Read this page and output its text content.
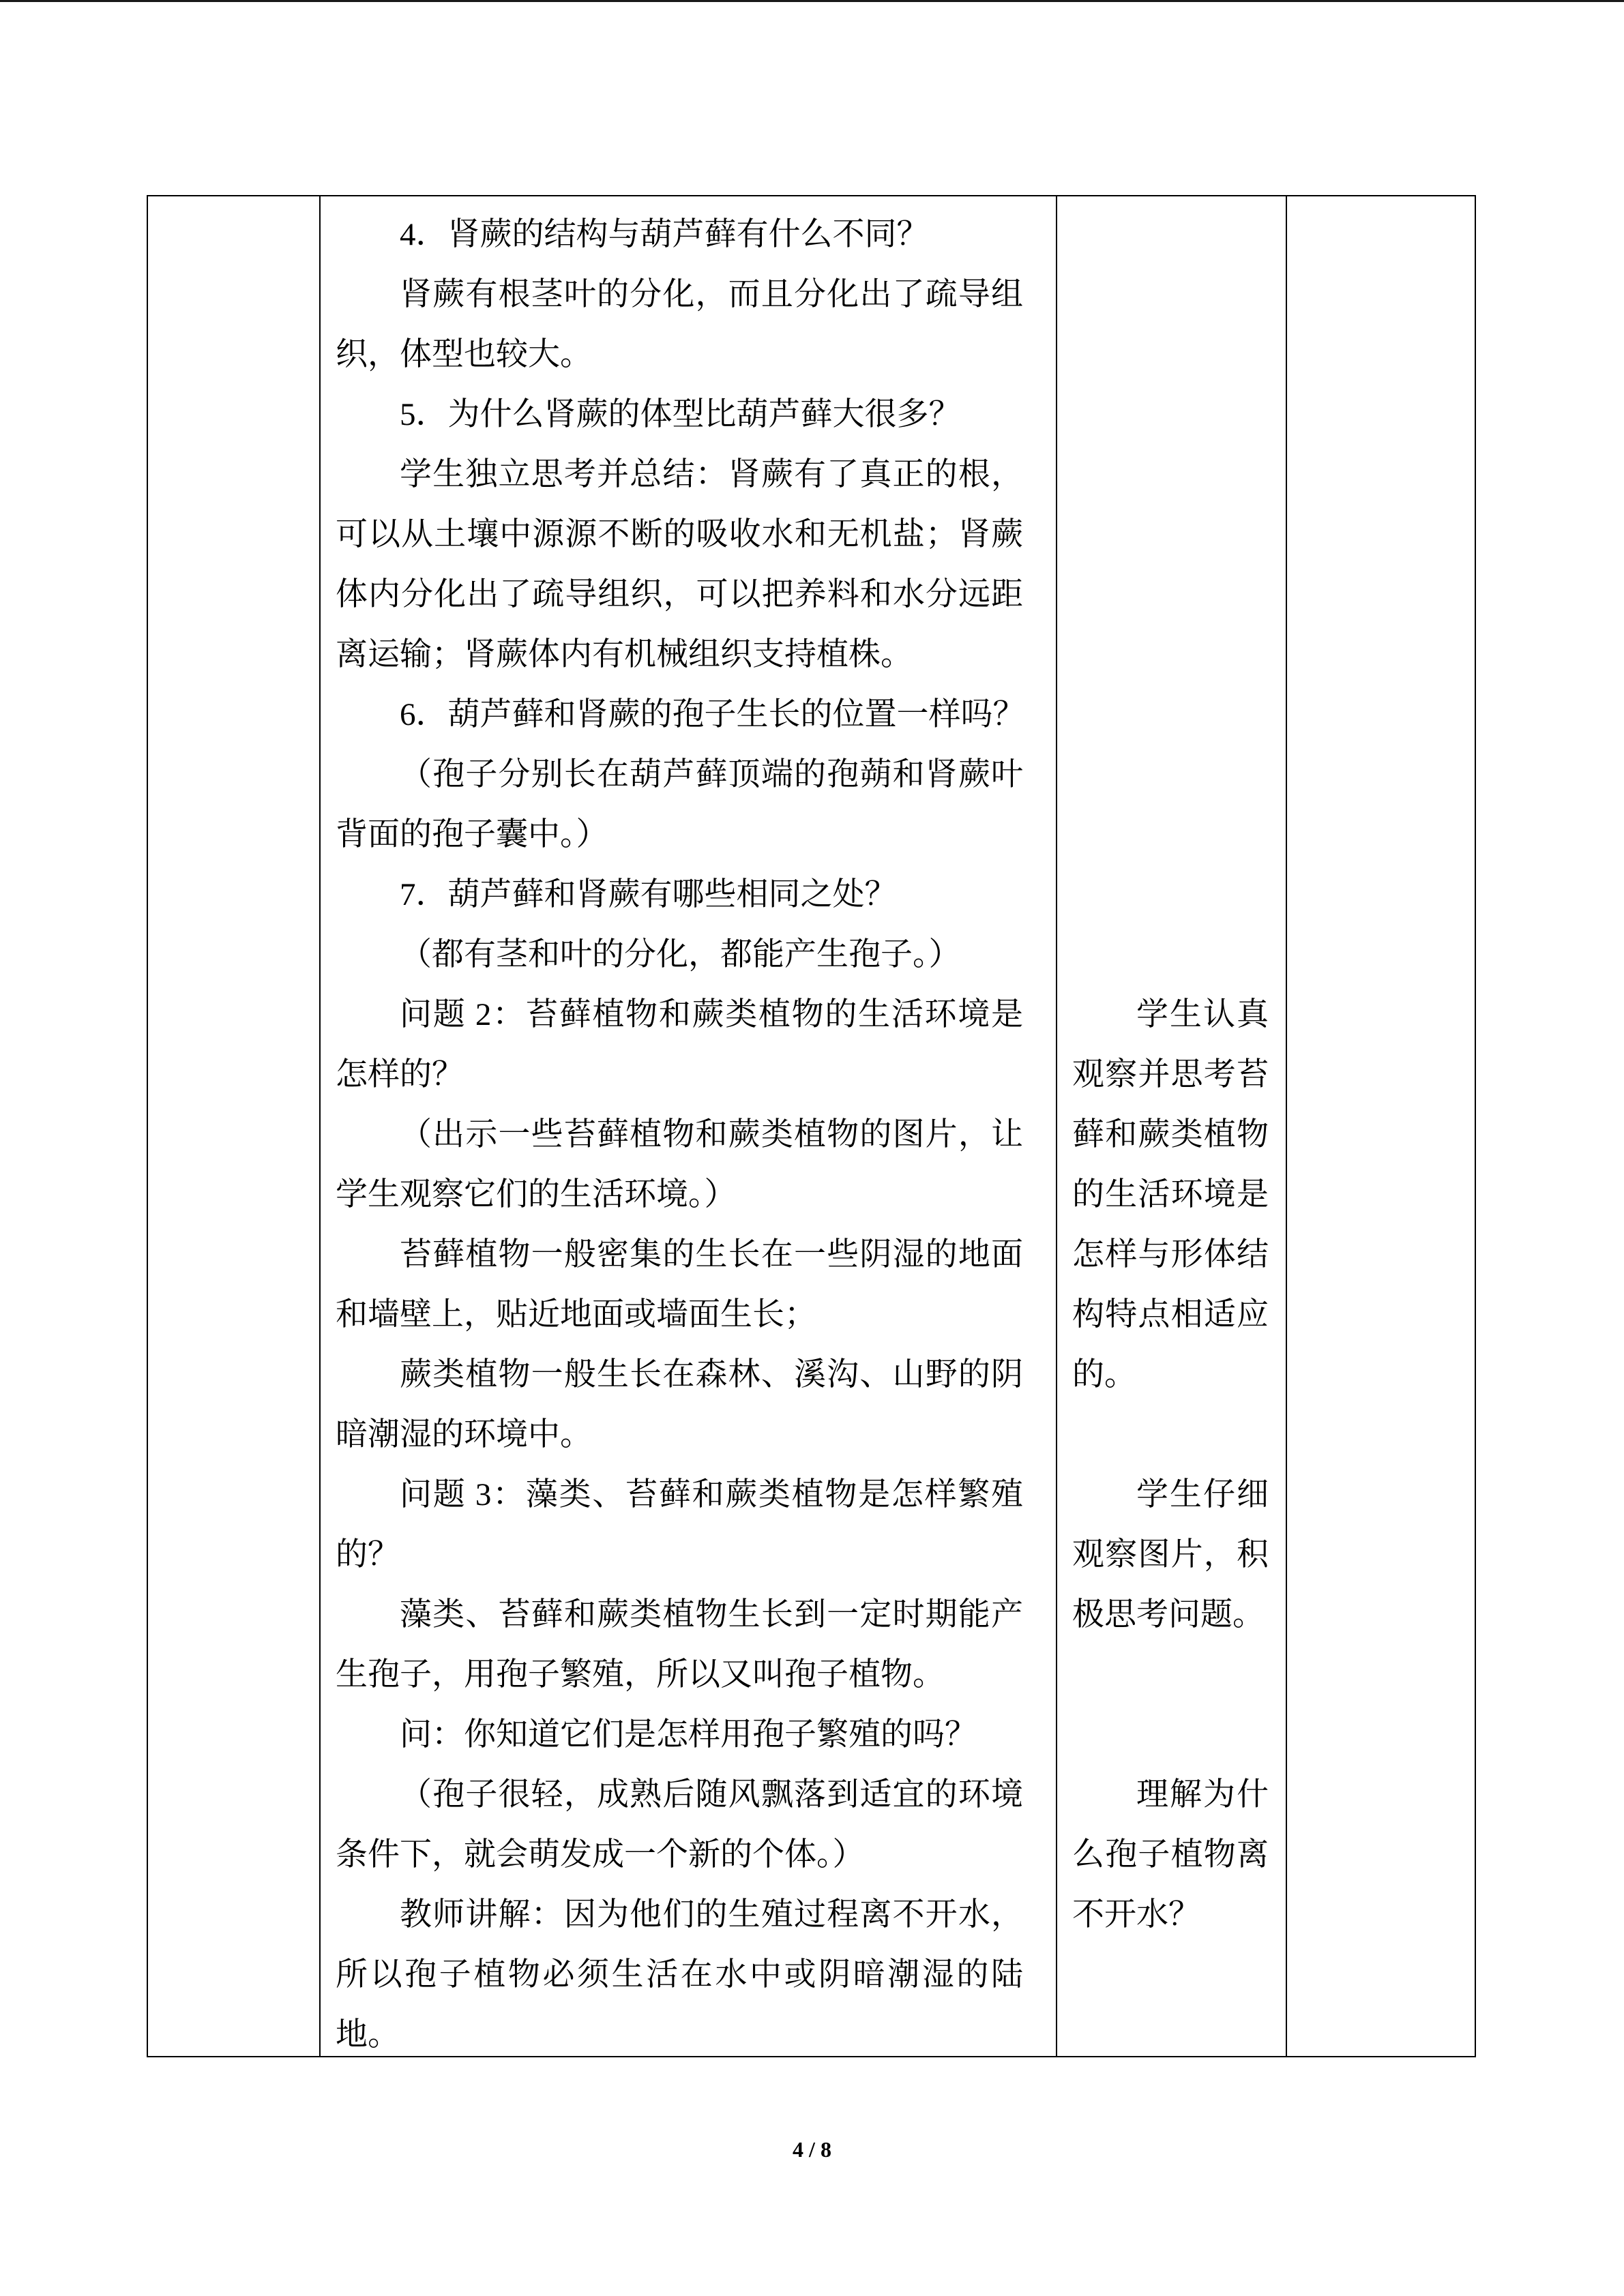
4．肾蕨的结构与葫芦藓有什么不同？
肾蕨有根茎叶的分化，而且分化出了疏导组
织，体型也较大。
5．为什么肾蕨的体型比葫芦藓大很多？
学生独立思考并总结：肾蕨有了真正的根，
可以从土壤中源源不断的吸收水和无机盐；肾蕨
体内分化出了疏导组织，可以把养料和水分远距
离运输；肾蕨体内有机械组织支持植株。
6．葫芦藓和肾蕨的孢子生长的位置一样吗？
（孢子分别长在葫芦藓顶端的孢蒴和肾蕨叶
背面的孢子囊中。）
7．葫芦藓和肾蕨有哪些相同之处？
（都有茎和叶的分化，都能产生孢子。）
问题 2：苔藓植物和蕨类植物的生活环境是
怎样的？
（出示一些苔藓植物和蕨类植物的图片，让
学生观察它们的生活环境。）
苔藓植物一般密集的生长在一些阴湿的地面
和墙壁上，贴近地面或墙面生长；
蕨类植物一般生长在森林、溪沟、山野的阴
暗潮湿的环境中。
问题 3：藻类、苔藓和蕨类植物是怎样繁殖
的？
藻类、苔藓和蕨类植物生长到一定时期能产
生孢子，用孢子繁殖，所以又叫孢子植物。
问：你知道它们是怎样用孢子繁殖的吗？
（孢子很轻，成熟后随风飘落到适宜的环境
条件下，就会萌发成一个新的个体。）
教师讲解：因为他们的生殖过程离不开水，
所以孢子植物必须生活在水中或阴暗潮湿的陆
地。
学生认真
观察并思考苔
藓和蕨类植物
的生活环境是
怎样与形体结
构特点相适应
的。
学生仔细
观察图片，积
极思考问题。
理解为什
么孢子植物离
不开水？
4 / 8
